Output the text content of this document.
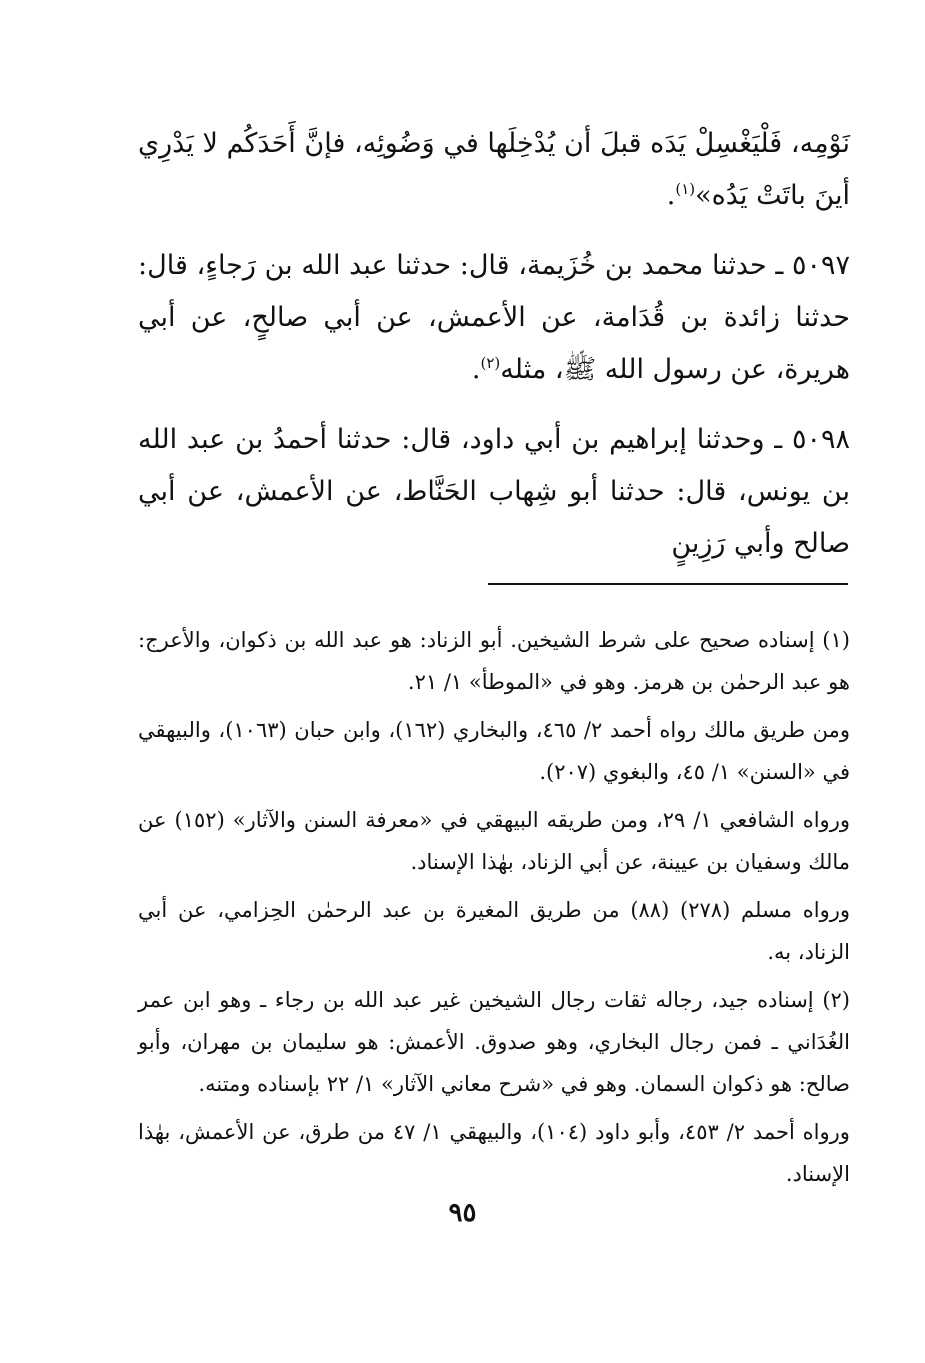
نَوْمِه، فَلْيَغْسِلْ يَدَه قبلَ أن يُدْخِلَها في وَضُوئِه، فإنَّ أَحَدَكُم لا يَدْرِي أينَ باتَتْ يَدُه»$^{(١)}$.

٥٠٩٧ ـ حدثنا محمد بن خُزَيمة، قال: حدثنا عبد الله بن رَجاءٍ، قال: حدثنا زائدة بن قُدَامة، عن الأعمش، عن أبي صالحٍ، عن أبي هريرة، عن رسول الله ﷺ، مثله$^{(٢)}$.

٥٠٩٨ ـ وحدثنا إبراهيم بن أبي داود، قال: حدثنا أحمدُ بن عبد الله بن يونس، قال: حدثنا أبو شِهاب الحَنَّاط، عن الأعمش، عن أبي صالح وأبي رَزِينٍ

(١) إسناده صحيح على شرط الشيخين. أبو الزناد: هو عبد الله بن ذكوان، والأعرج: هو عبد الرحمٰن بن هرمز. وهو في «الموطأ» ١/ ٢١.

ومن طريق مالك رواه أحمد ٢/ ٤٦٥، والبخاري (١٦٢)، وابن حبان (١٠٦٣)، والبيهقي في «السنن» ١/ ٤٥، والبغوي (٢٠٧).

ورواه الشافعي ١/ ٢٩، ومن طريقه البيهقي في «معرفة السنن والآثار» (١٥٢) عن مالك وسفيان بن عيينة، عن أبي الزناد، بهٰذا الإسناد.

ورواه مسلم (٢٧٨) (٨٨) من طريق المغيرة بن عبد الرحمٰن الحِزامي، عن أبي الزناد، به.

(٢) إسناده جيد، رجاله ثقات رجال الشيخين غير عبد الله بن رجاء ـ وهو ابن عمر الغُدَاني ـ فمن رجال البخاري، وهو صدوق. الأعمش: هو سليمان بن مهران، وأبو صالح: هو ذكوان السمان. وهو في «شرح معاني الآثار» ١/ ٢٢ بإسناده ومتنه.

ورواه أحمد ٢/ ٤٥٣، وأبو داود (١٠٤)، والبيهقي ١/ ٤٧ من طرق، عن الأعمش، بهٰذا الإسناد.

٩٥
